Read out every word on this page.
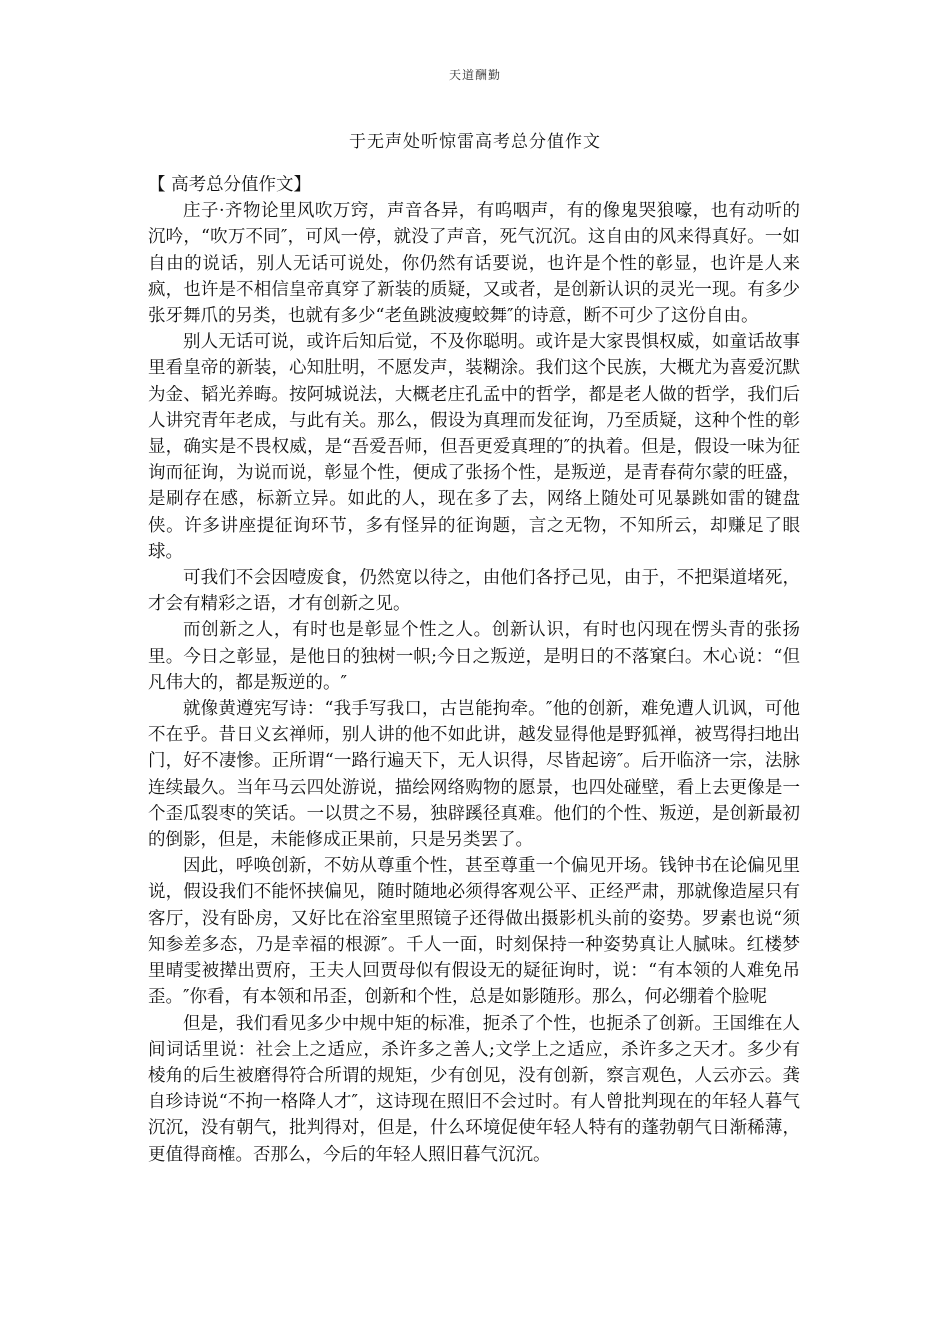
天道酬勤
于无声处听惊雷高考总分值作文

【 高考总分值作文】

庄子·齐物论里风吹万窍，声音各异，有呜咽声，有的像鬼哭狼嚎，也有动听的沉吟，“吹万不同″，可风一停，就没了声音，死气沉沉。这自由的风来得真好。一如自由的说话，别人无话可说处，你仍然有话要说，也许是个性的彰显，也许是人来疯，也许是不相信皇帝真穿了新装的质疑，又或者，是创新认识的灵光一现。有多少张牙舞爪的另类，也就有多少“老鱼跳波瘦蛟舞″的诗意，断不可少了这份自由。

别人无话可说，或许后知后觉，不及你聪明。或许是大家畏惧权威，如童话故事里看皇帝的新装，心知肚明，不愿发声，装糊涂。我们这个民族，大概尤为喜爱沉默为金、韬光养晦。按阿城说法，大概老庄孔孟中的哲学，都是老人做的哲学，我们后人讲究青年老成，与此有关。那么，假设为真理而发征询，乃至质疑，这种个性的彰显，确实是不畏权威，是“吾爱吾师，但吾更爱真理的″的执着。但是，假设一味为征询而征询，为说而说，彰显个性，便成了张扬个性，是叛逆，是青春荷尔蒙的旺盛，是刷存在感，标新立异。如此的人，现在多了去，网络上随处可见暴跳如雷的键盘侠。许多讲座提征询环节，多有怪异的征询题，言之无物，不知所云，却赚足了眼球。

可我们不会因噎废食，仍然宽以待之，由他们各抒己见，由于，不把渠道堵死，才会有精彩之语，才有创新之见。

而创新之人，有时也是彰显个性之人。创新认识，有时也闪现在愣头青的张扬里。今日之彰显，是他日的独树一帜;今日之叛逆，是明日的不落窠臼。木心说：“但凡伟大的，都是叛逆的。″

就像黄遵宪写诗：“我手写我口，古岂能拘牵。″他的创新，难免遭人讥讽，可他不在乎。昔日义玄禅师，别人讲的他不如此讲，越发显得他是野狐禅，被骂得扫地出门，好不凄惨。正所谓“一路行遍天下，无人识得，尽皆起谤″。后开临济一宗，法脉连续最久。当年马云四处游说，描绘网络购物的愿景，也四处碰壁，看上去更像是一个歪瓜裂枣的笑话。一以贯之不易，独辟蹊径真难。他们的个性、叛逆，是创新最初的倒影，但是，未能修成正果前，只是另类罢了。

因此，呼唤创新，不妨从尊重个性，甚至尊重一个偏见开场。钱钟书在论偏见里说，假设我们不能怀挟偏见，随时随地必须得客观公平、正经严肃，那就像造屋只有客厅，没有卧房，又好比在浴室里照镜子还得做出摄影机头前的姿势。罗素也说“须知参差多态，乃是幸福的根源″。千人一面，时刻保持一种姿势真让人腻味。红楼梦里晴雯被撵出贾府，王夫人回贾母似有假设无的疑征询时，说：“有本领的人难免吊歪。″你看，有本领和吊歪，创新和个性，总是如影随形。那么，何必绷着个脸呢

但是，我们看见多少中规中矩的标准，扼杀了个性，也扼杀了创新。王国维在人间词话里说：社会上之适应，杀许多之善人;文学上之适应，杀许多之天才。多少有棱角的后生被磨得符合所谓的规矩，少有创见，没有创新，察言观色，人云亦云。龚自珍诗说“不拘一格降人才″，这诗现在照旧不会过时。有人曾批判现在的年轻人暮气沉沉，没有朝气，批判得对，但是，什么环境促使年轻人特有的蓬勃朝气日渐稀薄，更值得商榷。否那么，今后的年轻人照旧暮气沉沉。
